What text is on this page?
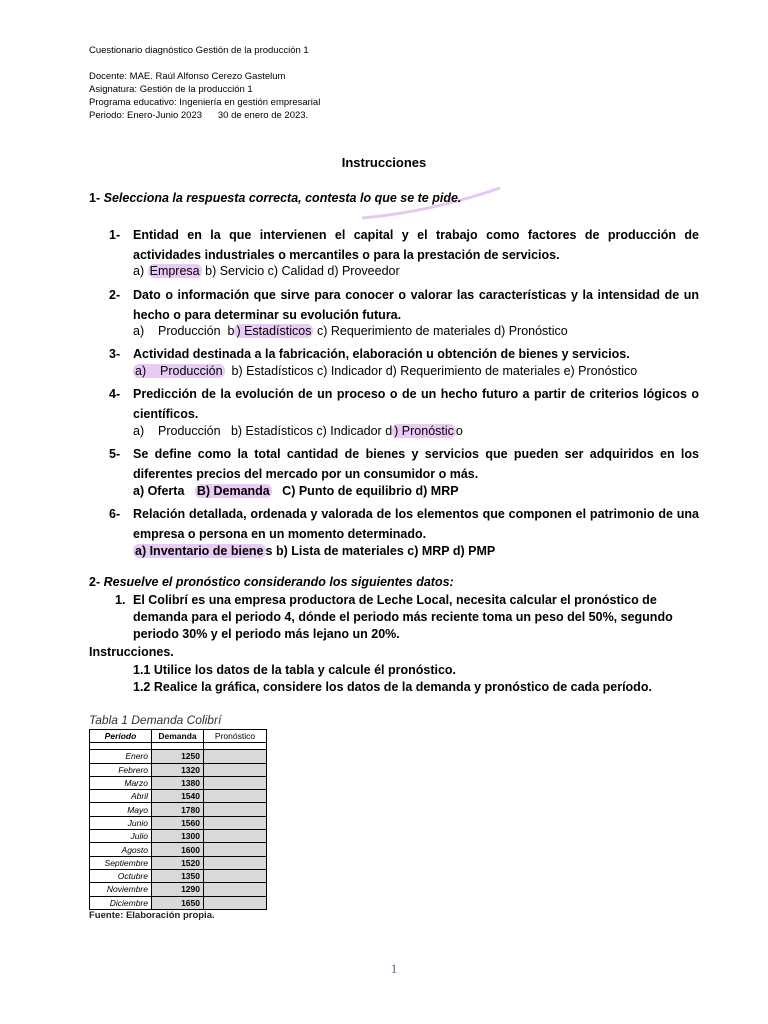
Cuestionario diagnóstico Gestión de la producción 1
Docente: MAE. Raúl Alfonso Cerezo Gastelum
Asignatura: Gestión de la producción 1
Programa educativo: Ingeniería en gestión empresarial
Periodo: Enero-Junio 2023      30 de enero de 2023.
Instrucciones
1- Selecciona la respuesta correcta, contesta lo que se te pide.
1- Entidad en la que intervienen el capital y el trabajo como factores de producción de actividades industriales o mercantiles o para la prestación de servicios.
a) Empresa b) Servicio c) Calidad d) Proveedor
2- Dato o información que sirve para conocer o valorar las características y la intensidad de un hecho o para determinar su evolución futura.
a)    Producción  b ) Estadísticos c) Requerimiento de materiales d) Pronóstico
3- Actividad destinada a la fabricación, elaboración u obtención de bienes y servicios.
a)    Producción  b) Estadísticos c) Indicador d) Requerimiento de materiales e) Pronóstico
4- Predicción de la evolución de un proceso o de un hecho futuro a partir de criterios lógicos o científicos.
a)    Producción   b) Estadísticos c) Indicador d ) Pronóstic o
5- Se define como la total cantidad de bienes y servicios que pueden ser adquiridos en los diferentes precios del mercado por un consumidor o más.
a) Oferta   B) Demanda   C) Punto de equilibrio d) MRP
6- Relación detallada, ordenada y valorada de los elementos que componen el patrimonio de una empresa o persona en un momento determinado.
a) Inventario de biene s b) Lista de materiales c) MRP d) PMP
2- Resuelve el pronóstico considerando los siguientes datos:
1. El Colibrí es una empresa productora de Leche Local, necesita calcular el pronóstico de demanda para el periodo 4, dónde el periodo más reciente toma un peso del 50%, segundo periodo 30% y el periodo más lejano un 20%.
Instrucciones.
1.1 Utilice los datos de la tabla y calcule él pronóstico.
1.2 Realice la gráfica, considere los datos de la demanda y pronóstico de cada período.
Tabla 1 Demanda Colibrí
Período	Demanda	Pronóstico

Enero	1250	
Febrero	1320	
Marzo	1380	
Abril	1540	
Mayo	1780	
Junio	1560	
Julio	1300	
Agosto	1600	
Septiembre	1520	
Octubre	1350	
Noviembre	1290	
Diciembre	1650	
Fuente: Elaboración propia.
1
